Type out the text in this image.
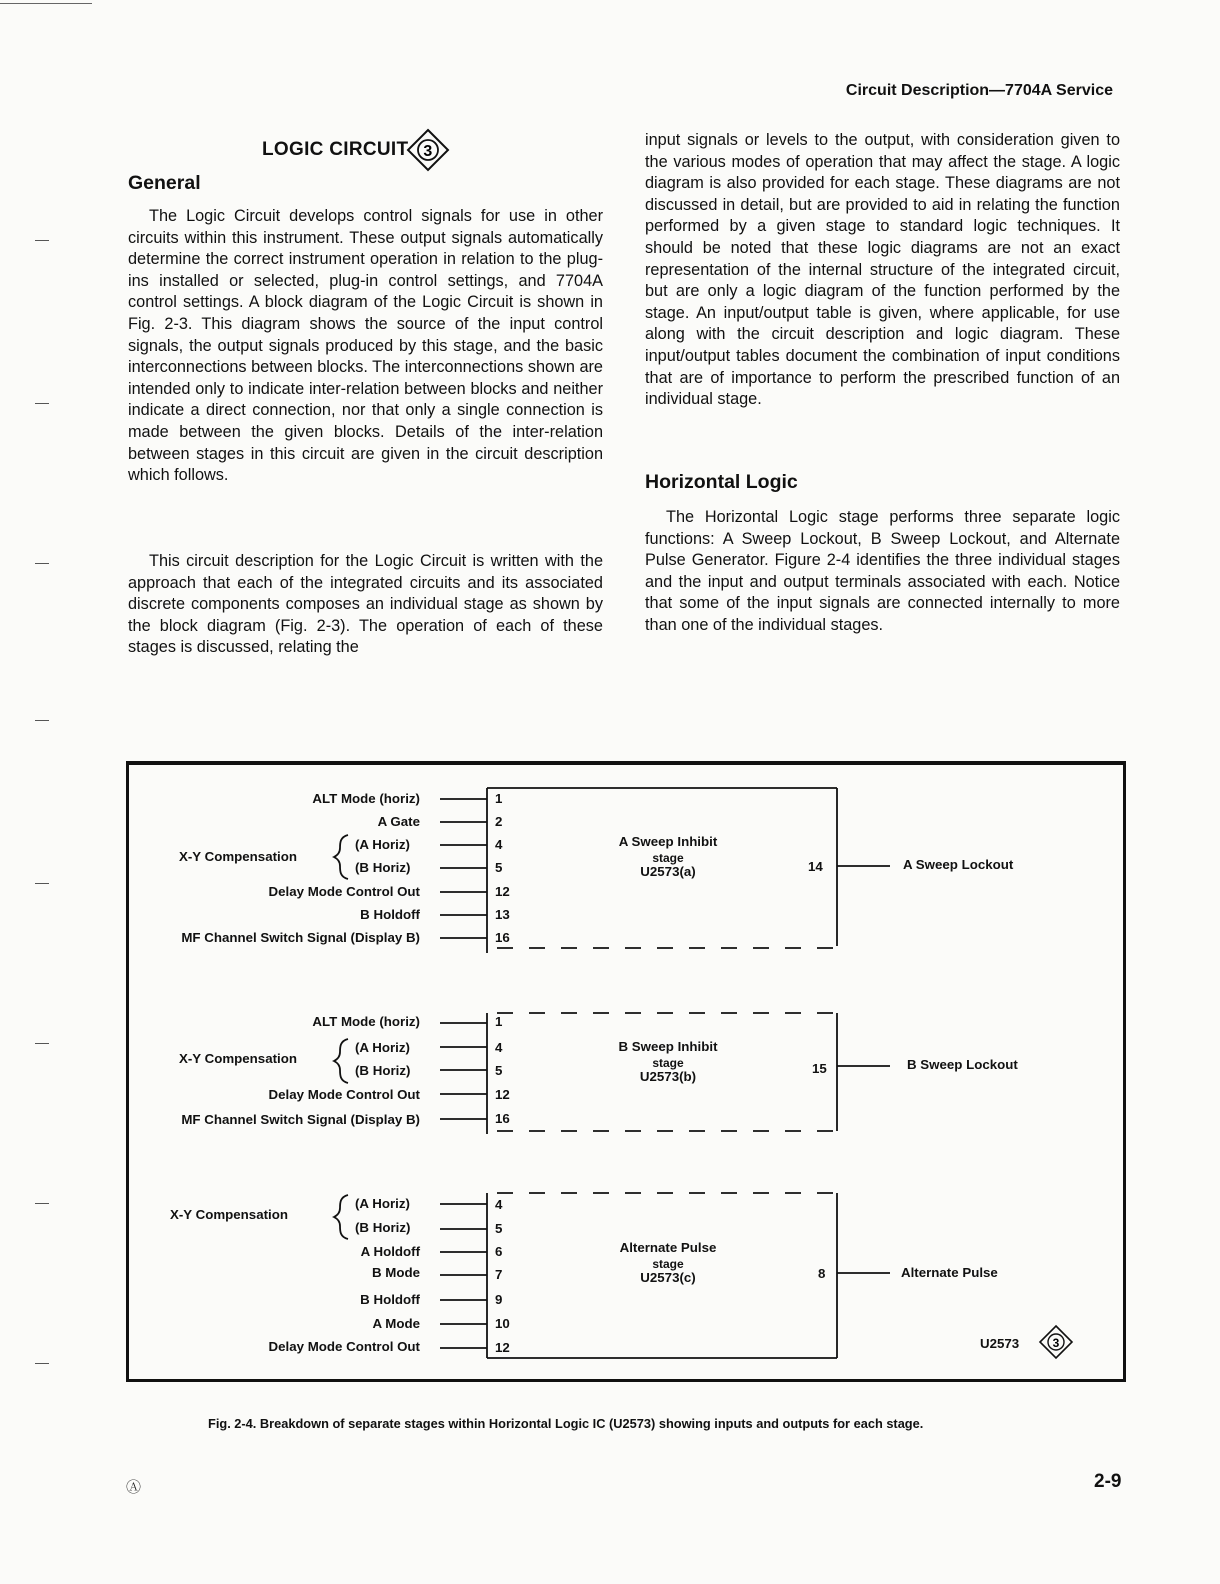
Circuit Description—7704A Service
LOGIC CIRCUIT 3
General

The Logic Circuit develops control signals for use in other circuits within this instrument. These output signals automatically determine the correct instrument operation in relation to the plug-ins installed or selected, plug-in control settings, and 7704A control settings. A block diagram of the Logic Circuit is shown in Fig. 2-3. This diagram shows the source of the input control signals, the output signals produced by this stage, and the basic interconnections between blocks. The interconnections shown are intended only to indicate inter-relation between blocks and neither indicate a direct connection, nor that only a single connection is made between the given blocks. Details of the inter-relation between stages in this circuit are given in the circuit description which follows.

This circuit description for the Logic Circuit is written with the approach that each of the integrated circuits and its associated discrete components composes an individual stage as shown by the block diagram (Fig. 2-3). The operation of each of these stages is discussed, relating the

input signals or levels to the output, with consideration given to the various modes of operation that may affect the stage. A logic diagram is also provided for each stage. These diagrams are not discussed in detail, but are provided to aid in relating the function performed by a given stage to standard logic techniques. It should be noted that these logic diagrams are not an exact representation of the internal structure of the integrated circuit, but are only a logic diagram of the function performed by the stage. An input/output table is given, where applicable, for use along with the circuit description and logic diagram. These input/output tables document the combination of input conditions that are of importance to perform the prescribed function of an individual stage.

Horizontal Logic

The Horizontal Logic stage performs three separate logic functions: A Sweep Lockout, B Sweep Lockout, and Alternate Pulse Generator. Figure 2-4 identifies the three individual stages and the input and output terminals associated with each. Notice that some of the input signals are connected internally to more than one of the individual stages.

3
ALT Mode (horiz)
A Gate
(A Horiz)
(B Horiz)
X-Y Compensation
Delay Mode Control Out
B Holdoff
MF Channel Switch Signal (Display B)
1
2
4
5
12
13
16
A Sweep Inhibit
stage
U2573(a)	14	A Sweep Lockout
ALT Mode (horiz)
(A Horiz)
(B Horiz)
X-Y Compensation
Delay Mode Control Out
MF Channel Switch Signal (Display B)
1
4
5
12
16
B Sweep Inhibit
stage
U2573(b)
15	B Sweep Lockout
(A Horiz)
(B Horiz)
X-Y Compensation
A Holdoff
B Mode
B Holdoff
A Mode
Delay Mode Control Out
4
5
6
7
9
10
12
Alternate Pulse
stage
U2573(c)	8	Alternate Pulse
U2573
Fig. 2-4. Breakdown of separate stages within Horizontal Logic IC (U2573) showing inputs and outputs for each stage.
Ⓐ	2-9
